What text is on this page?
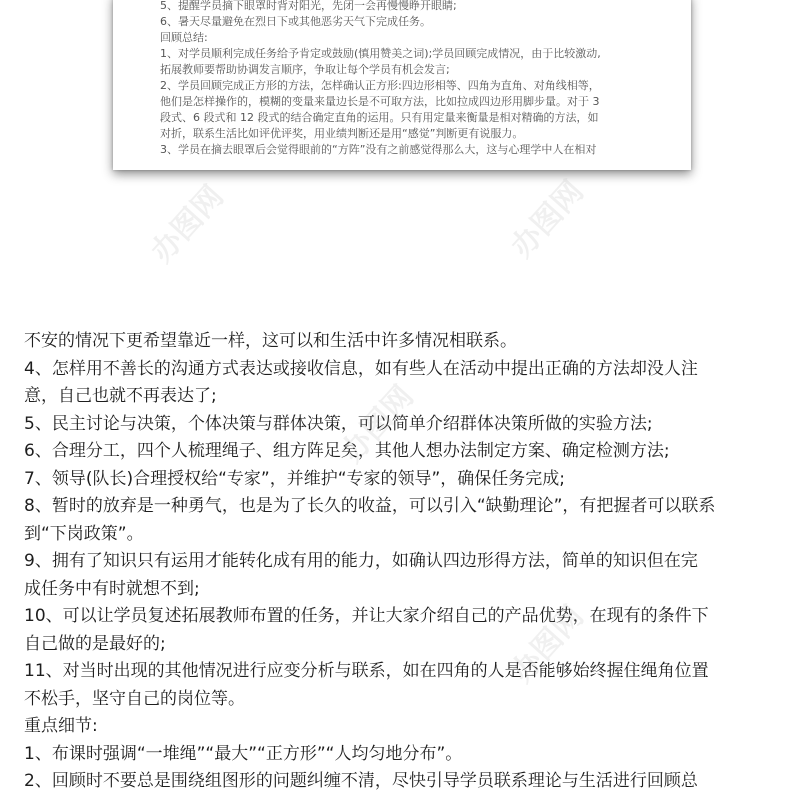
5、提醒学员摘下眼罩时背对阳光，先闭一会再慢慢睁开眼睛;

6、暑天尽量避免在烈日下或其他恶劣天气下完成任务。

回顾总结:

1、对学员顺利完成任务给予肯定或鼓励(慎用赞美之词);学员回顾完成情况，由于比较激动,

拓展教师要帮助协调发言顺序，争取让每个学员有机会发言;

2、学员回顾完成正方形的方法，怎样确认正方形:四边形相等、四角为直角、对角线相等，

他们是怎样操作的，模糊的变量来量边长是不可取方法，比如拉成四边形用脚步量。对于 3

段式、6 段式和 12 段式的结合确定直角的运用。只有用定量来衡量是相对精确的方法，如

对折，联系生活比如评优评奖，用业绩判断还是用“感觉”判断更有说服力。

3、学员在摘去眼罩后会觉得眼前的“方阵”没有之前感觉得那么大，这与心理学中人在相对

不安的情况下更希望靠近一样，这可以和生活中许多情况相联系。

4、怎样用不善长的沟通方式表达或接收信息，如有些人在活动中提出正确的方法却没人注

意，自己也就不再表达了;

5、民主讨论与决策，个体决策与群体决策，可以简单介绍群体决策所做的实验方法;

6、合理分工，四个人梳理绳子、组方阵足矣，其他人想办法制定方案、确定检测方法;

7、领导(队长)合理授权给“专家”，并维护“专家的领导”，确保任务完成;

8、暂时的放弃是一种勇气，也是为了长久的收益，可以引入“缺勤理论”，有把握者可以联系

到“下岗政策”。

9、拥有了知识只有运用才能转化成有用的能力，如确认四边形得方法，简单的知识但在完

成任务中有时就想不到;

10、可以让学员复述拓展教师布置的任务，并让大家介绍自己的产品优势，在现有的条件下

自己做的是最好的;

11、对当时出现的其他情况进行应变分析与联系，如在四角的人是否能够始终握住绳角位置

不松手，坚守自己的岗位等。

重点细节:

1、布课时强调“一堆绳”“最大”“正方形”“人均匀地分布”。

2、回顾时不要总是围绕组图形的问题纠缠不清，尽快引导学员联系理论与生活进行回顾总

办图网	办图网
办图网
办图网
